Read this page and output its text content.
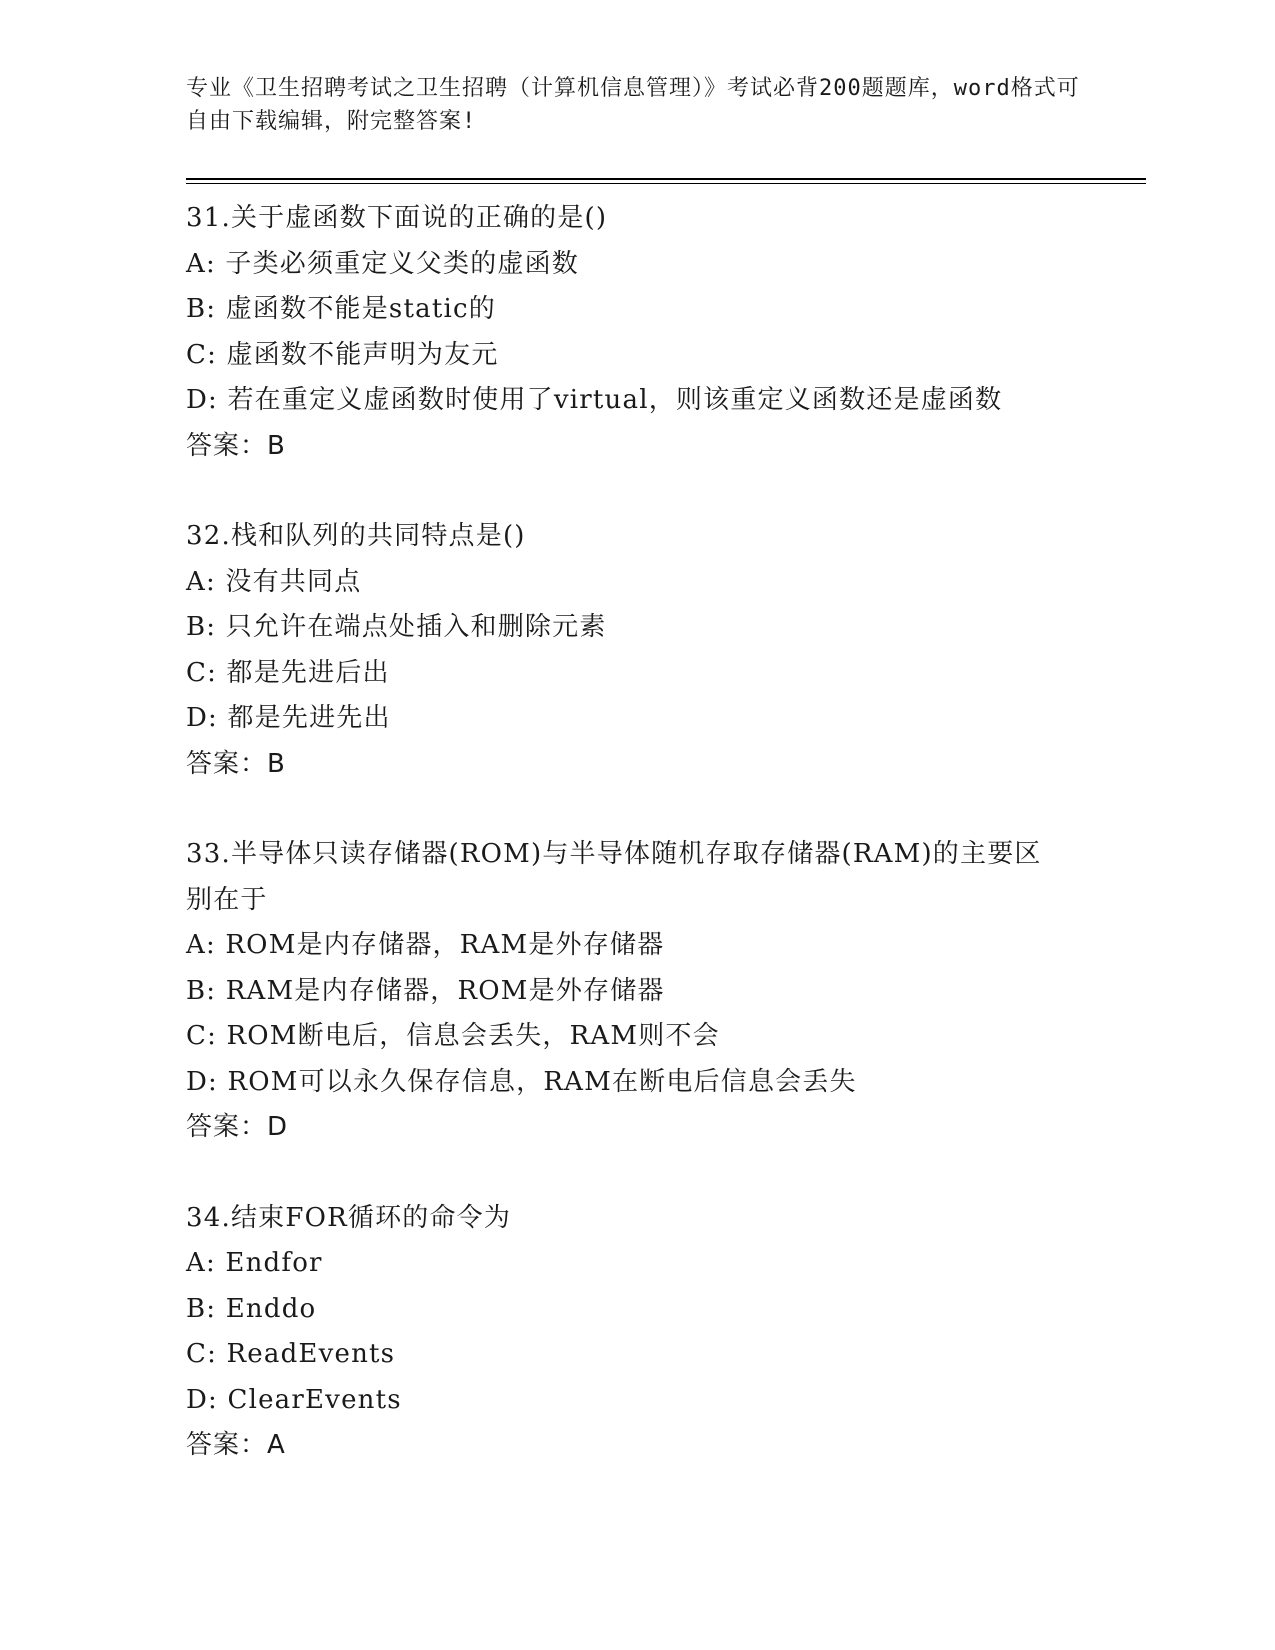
专业《卫生招聘考试之卫生招聘（计算机信息管理）》考试必背200题题库，word格式可自由下载编辑，附完整答案!
31.关于虚函数下面说的正确的是()
A: 子类必须重定义父类的虚函数
B: 虚函数不能是static的
C: 虚函数不能声明为友元
D: 若在重定义虚函数时使用了virtual，则该重定义函数还是虚函数
答案：B
32.栈和队列的共同特点是()
A: 没有共同点
B: 只允许在端点处插入和删除元素
C: 都是先进后出
D: 都是先进先出
答案：B
33.半导体只读存储器(ROM)与半导体随机存取存储器(RAM)的主要区别在于
A: ROM是内存储器，RAM是外存储器
B: RAM是内存储器，ROM是外存储器
C: ROM断电后，信息会丢失，RAM则不会
D: ROM可以永久保存信息，RAM在断电后信息会丢失
答案：D
34.结束FOR循环的命令为
A: Endfor
B: Enddo
C: ReadEvents
D: ClearEvents
答案：A
